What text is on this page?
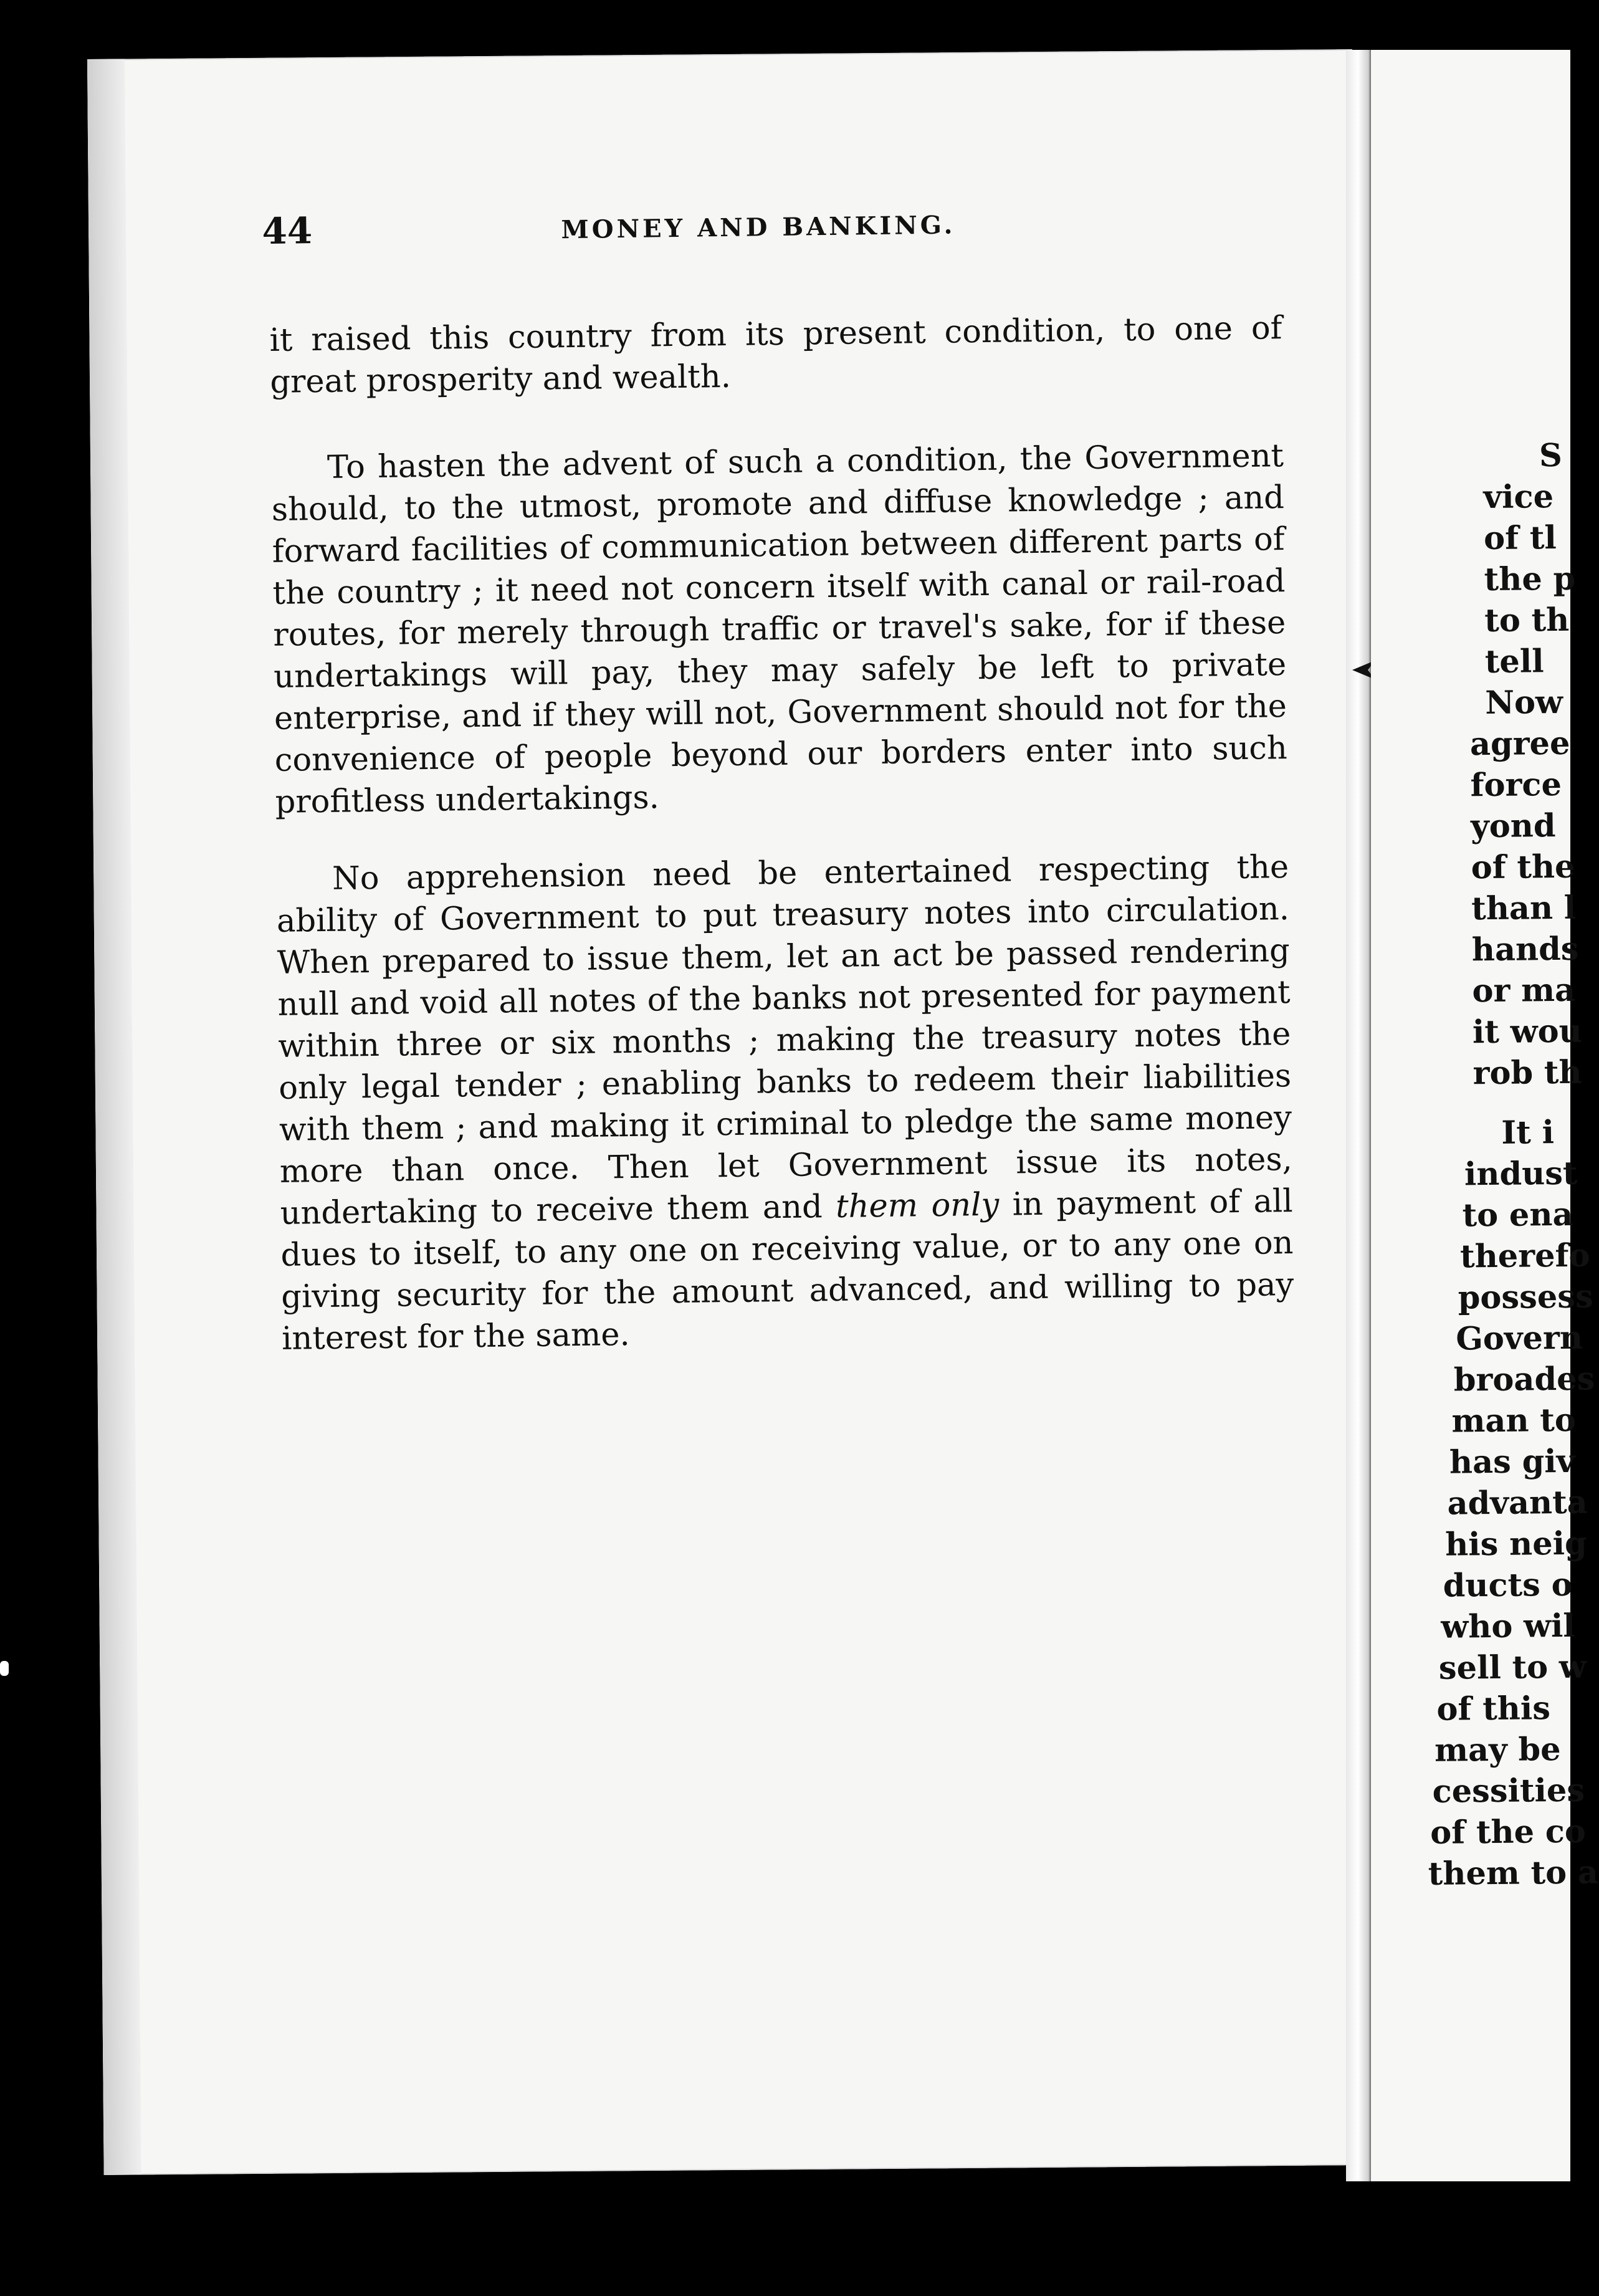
44	MONEY AND BANKING.

it raised this country from its present condition, to one of great prosperity and wealth.

To hasten the advent of such a condition, the Government should, to the utmost, promote and diffuse knowledge ; and forward facilities of communication between different parts of the country ; it need not concern itself with canal or rail-road routes, for merely through traffic or travel's sake, for if these undertakings will pay, they may safely be left to private enterprise, and if they will not, Government should not for the convenience of people beyond our borders enter into such profitless undertakings.

No apprehension need be entertained respecting the ability of Government to put treasury notes into circulation. When prepared to issue them, let an act be passed rendering null and void all notes of the banks not presented for payment within three or six months ; making the treasury notes the only legal tender ; enabling banks to redeem their liabilities with them ; and making it criminal to pledge the same money more than once. Then let Government issue its notes, undertaking to receive them and them only in payment of all dues to itself, to any one on receiving value, or to any one on giving security for the amount advanced, and willing to pay interest for the same.

S
vice
of tl
the p
to th
tell
Now
agree
force
yond
of the
than l
hands
or ma
it wou
rob th
It i
indust
to ena
therefo
possess
Govern
broades
man to
has giv
advanta
his neig
ducts o
who wil
sell to w
of this
may be
cessities
of the co
them to a
